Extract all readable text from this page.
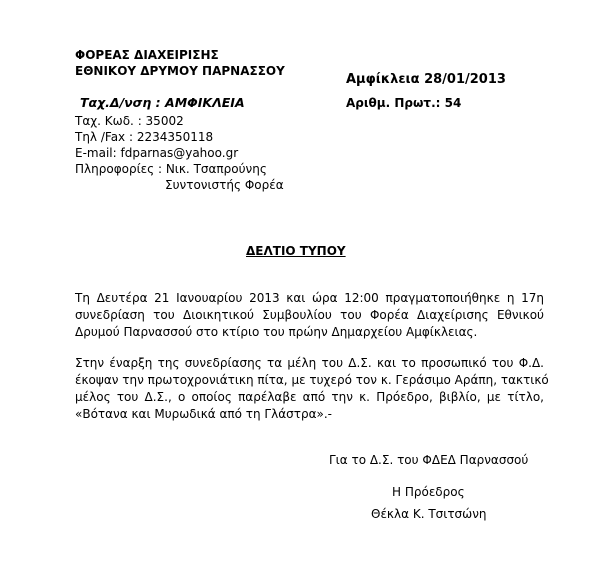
ΦΟΡΕΑΣ ΔΙΑΧΕΙΡΙΣΗΣ
ΕΘΝΙΚΟΥ ΔΡΥΜΟΥ ΠΑΡΝΑΣΣΟΥ
Αμφίκλεια 28/01/2013
Αριθμ. Πρωτ.: 54
Ταχ.Δ/νση : ΑΜΦΙΚΛΕΙΑ
Ταχ. Κωδ. : 35002
Τηλ /Fax : 2234350118
E-mail: fdparnas@yahoo.gr
Πληροφορίες : Νικ. Τσαπρούνης
Συντονιστής Φορέα
ΔΕΛΤΙΟ ΤΥΠΟΥ
Τη Δευτέρα 21 Ιανουαρίου 2013 και ώρα 12:00 πραγματοποιήθηκε η 17η
συνεδρίαση του Διοικητικού Συμβουλίου του Φορέα Διαχείρισης Εθνικού
Δρυμού Παρνασσού στο κτίριο του πρώην Δημαρχείου Αμφίκλειας.
Στην έναρξη της συνεδρίασης τα μέλη του Δ.Σ. και το προσωπικό του Φ.Δ.
έκοψαν την πρωτοχρονιάτικη πίτα, με τυχερό τον κ. Γεράσιμο Αράπη, τακτικό
μέλος του Δ.Σ., ο οποίος παρέλαβε από την κ. Πρόεδρο, βιβλίο, με τίτλο,
«Βότανα και Μυρωδικά από τη Γλάστρα».-
Για το Δ.Σ. του ΦΔΕΔ Παρνασσού
Η Πρόεδρος
Θέκλα Κ. Τσιτσώνη
